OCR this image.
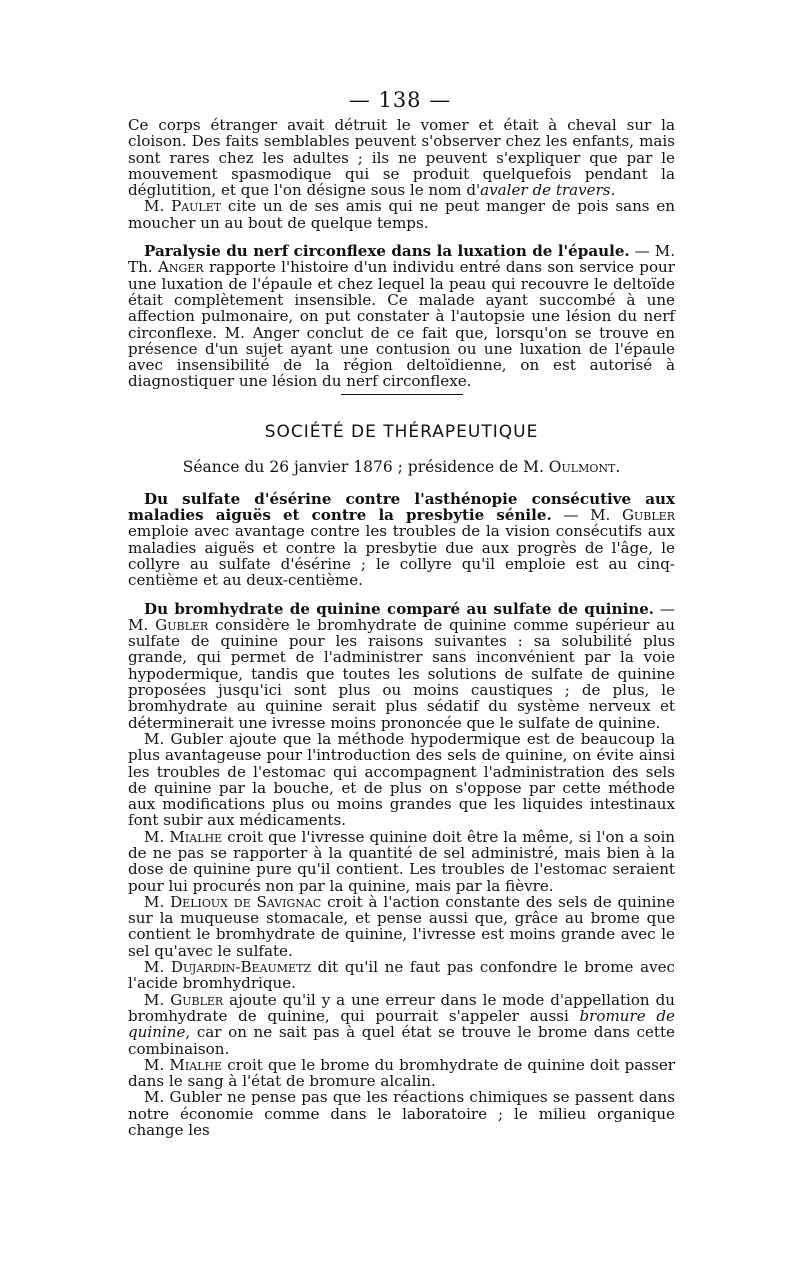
— 138 —

Ce corps étranger avait détruit le vomer et était à cheval sur la cloison. Des faits semblables peuvent s'observer chez les enfants, mais sont rares chez les adultes ; ils ne peuvent s'expliquer que par le mouvement spasmodique qui se produit quelquefois pendant la déglutition, et que l'on désigne sous le nom d'avaler de travers.

M. Paulet cite un de ses amis qui ne peut manger de pois sans en moucher un au bout de quelque temps.

Paralysie du nerf circonflexe dans la luxation de l'épaule. — M. Th. Anger rapporte l'histoire d'un individu entré dans son service pour une luxation de l'épaule et chez lequel la peau qui recouvre le deltoïde était complètement insensible. Ce malade ayant succombé à une affection pulmonaire, on put constater à l'autopsie une lésion du nerf circonflexe. M. Anger conclut de ce fait que, lorsqu'on se trouve en présence d'un sujet ayant une contusion ou une luxation de l'épaule avec insensibilité de la région deltoïdienne, on est autorisé à diagnostiquer une lésion du nerf circonflexe.

SOCIÉTÉ DE THÉRAPEUTIQUE
Séance du 26 janvier 1876 ; présidence de M. Oulmont.

Du sulfate d'ésérine contre l'asthénopie consécutive aux maladies aiguës et contre la presbytie sénile. — M. Gubler emploie avec avantage contre les troubles de la vision consécutifs aux maladies aiguës et contre la presbytie due aux progrès de l'âge, le collyre au sulfate d'ésérine ; le collyre qu'il emploie est au cinq-centième et au deux-centième.

Du bromhydrate de quinine comparé au sulfate de quinine. — M. Gubler considère le bromhydrate de quinine comme supérieur au sulfate de quinine pour les raisons suivantes : sa solubilité plus grande, qui permet de l'administrer sans inconvénient par la voie hypodermique, tandis que toutes les solutions de sulfate de quinine proposées jusqu'ici sont plus ou moins caustiques ; de plus, le bromhydrate au quinine serait plus sédatif du système nerveux et déterminerait une ivresse moins prononcée que le sulfate de quinine.

M. Gubler ajoute que la méthode hypodermique est de beaucoup la plus avantageuse pour l'introduction des sels de quinine, on évite ainsi les troubles de l'estomac qui accompagnent l'administration des sels de quinine par la bouche, et de plus on s'oppose par cette méthode aux modifications plus ou moins grandes que les liquides intestinaux font subir aux médicaments.

M. Mialhe croit que l'ivresse quinine doit être la même, si l'on a soin de ne pas se rapporter à la quantité de sel administré, mais bien à la dose de quinine pure qu'il contient. Les troubles de l'estomac seraient pour lui procurés non par la quinine, mais par la fièvre.

M. Delioux de Savignac croit à l'action constante des sels de quinine sur la muqueuse stomacale, et pense aussi que, grâce au brome que contient le bromhydrate de quinine, l'ivresse est moins grande avec le sel qu'avec le sulfate.

M. Dujardin-Beaumetz dit qu'il ne faut pas confondre le brome avec l'acide bromhydrique.

M. Gubler ajoute qu'il y a une erreur dans le mode d'appellation du bromhydrate de quinine, qui pourrait s'appeler aussi bromure de quinine, car on ne sait pas à quel état se trouve le brome dans cette combinaison.

M. Mialhe croit que le brome du bromhydrate de quinine doit passer dans le sang à l'état de bromure alcalin.

M. Gubler ne pense pas que les réactions chimiques se passent dans notre économie comme dans le laboratoire ; le milieu organique change les
